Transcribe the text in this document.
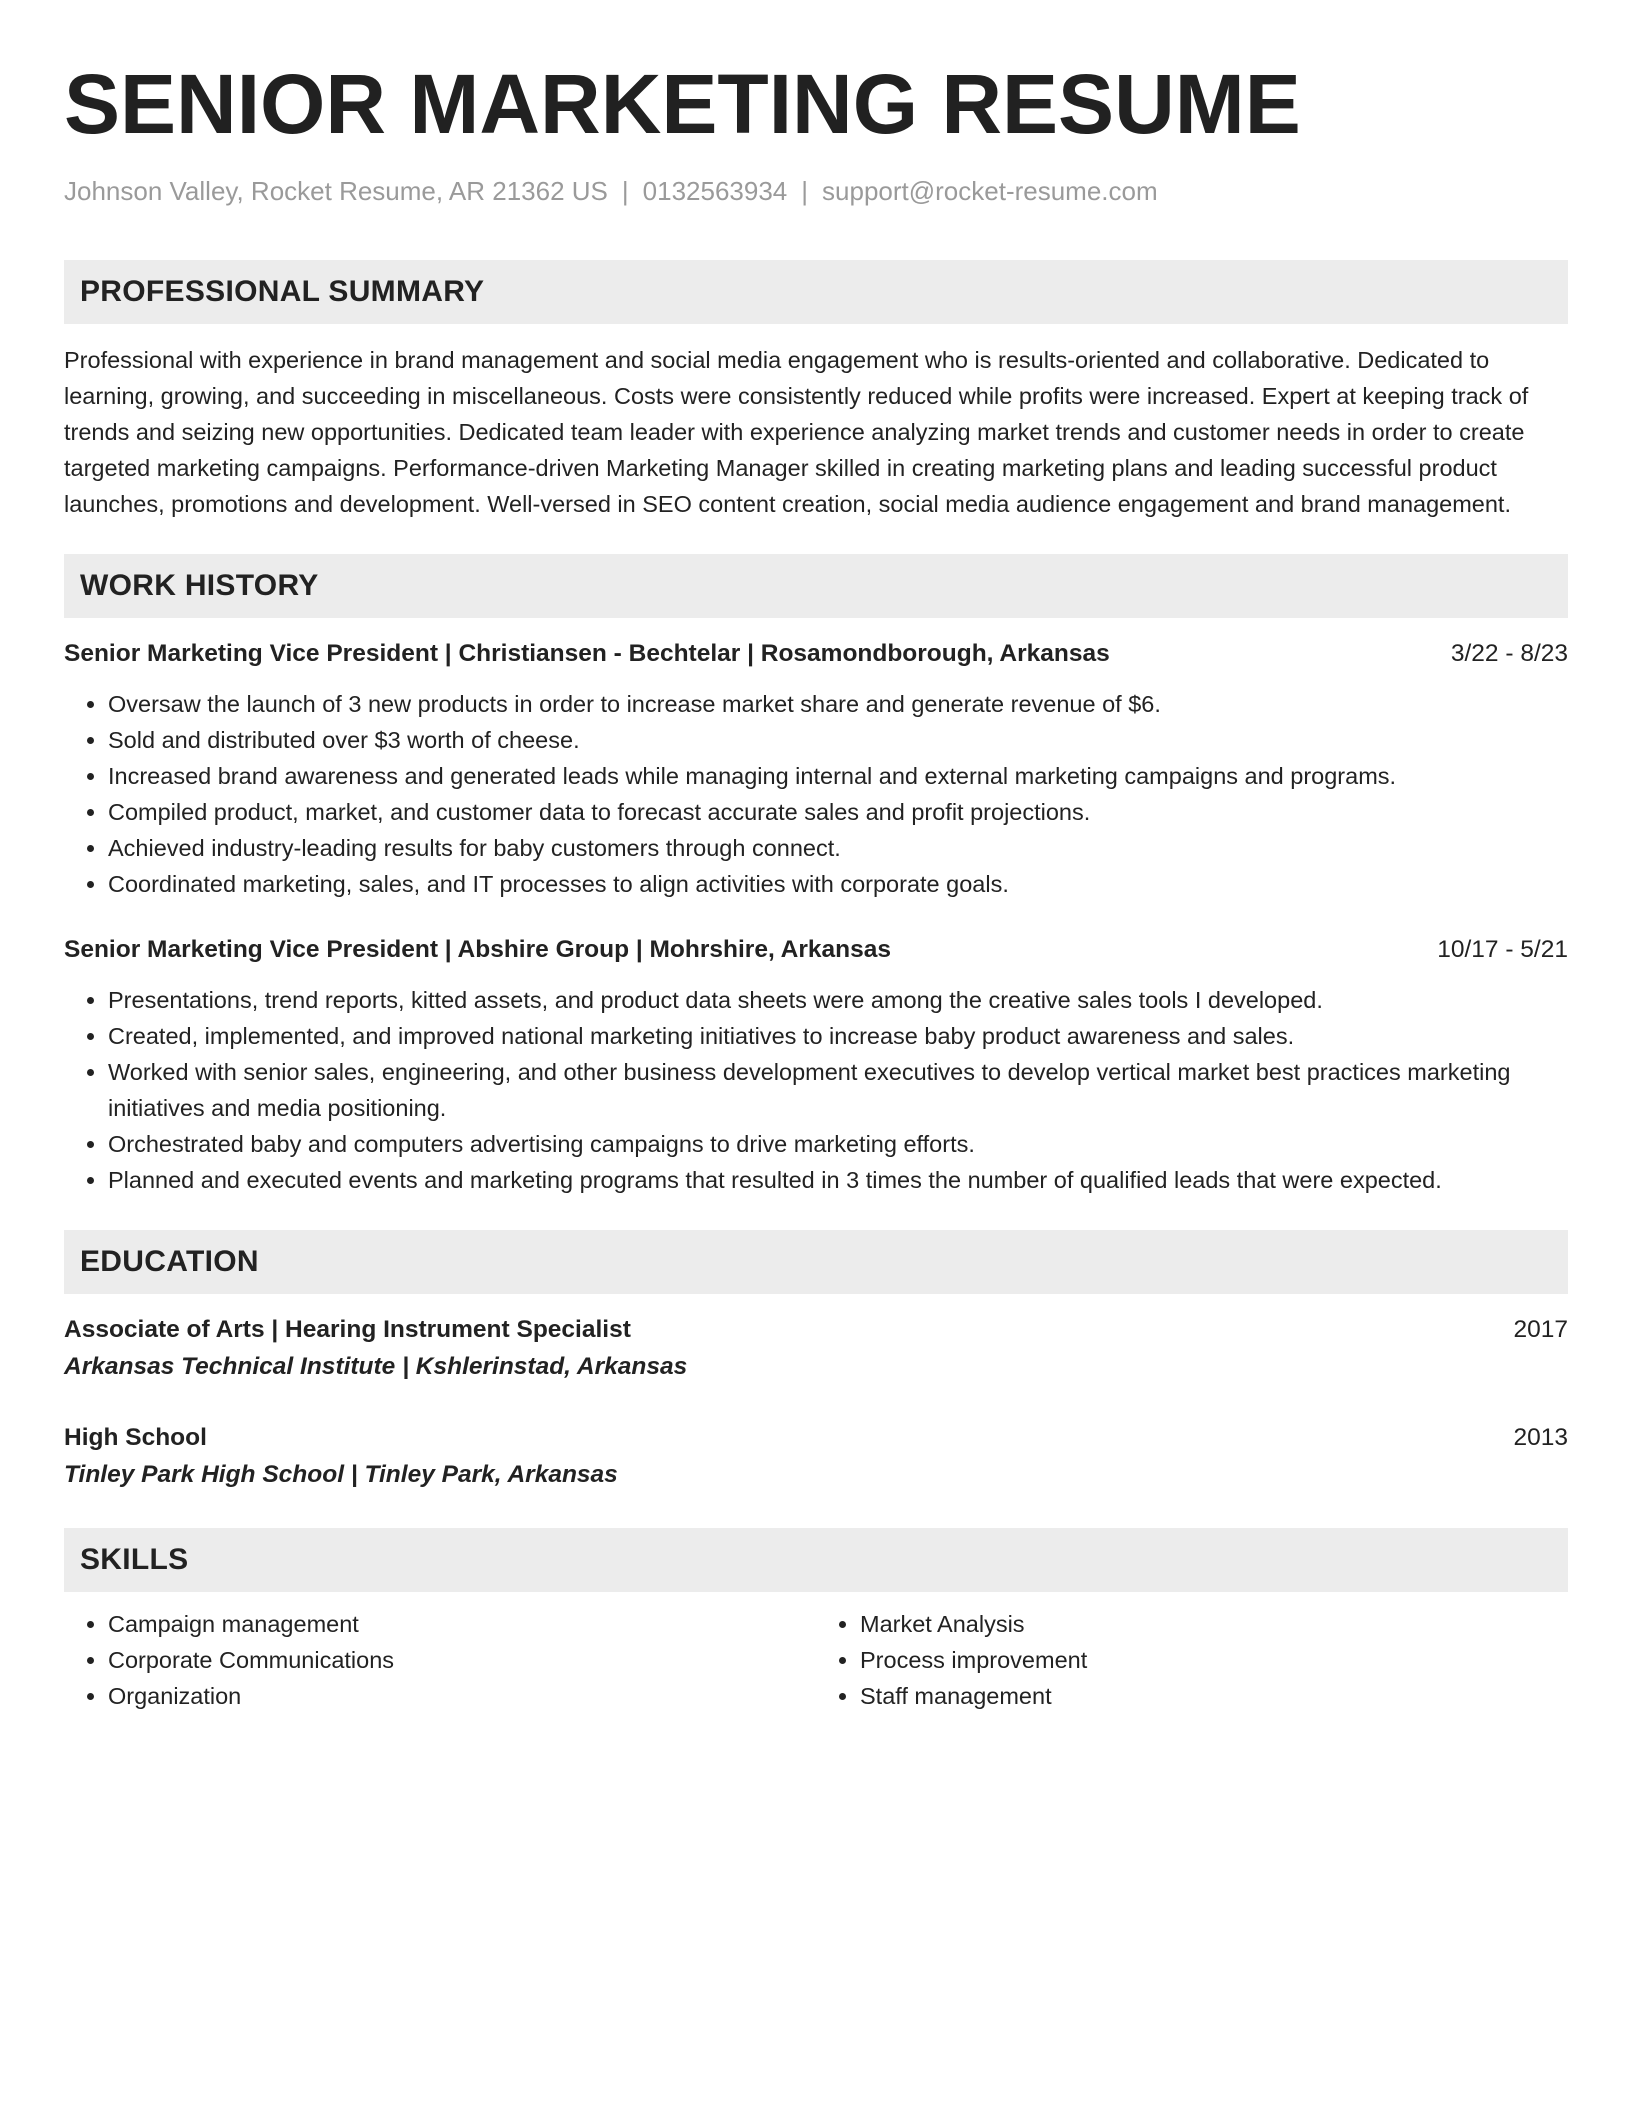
SENIOR MARKETING RESUME
Johnson Valley, Rocket Resume, AR 21362 US | 0132563934 | support@rocket-resume.com
PROFESSIONAL SUMMARY
Professional with experience in brand management and social media engagement who is results-oriented and collaborative. Dedicated to learning, growing, and succeeding in miscellaneous. Costs were consistently reduced while profits were increased. Expert at keeping track of trends and seizing new opportunities. Dedicated team leader with experience analyzing market trends and customer needs in order to create targeted marketing campaigns. Performance-driven Marketing Manager skilled in creating marketing plans and leading successful product launches, promotions and development. Well-versed in SEO content creation, social media audience engagement and brand management.
WORK HISTORY
Senior Marketing Vice President | Christiansen - Bechtelar | Rosamondborough, Arkansas	3/22 - 8/23
• Oversaw the launch of 3 new products in order to increase market share and generate revenue of $6.
• Sold and distributed over $3 worth of cheese.
• Increased brand awareness and generated leads while managing internal and external marketing campaigns and programs.
• Compiled product, market, and customer data to forecast accurate sales and profit projections.
• Achieved industry-leading results for baby customers through connect.
• Coordinated marketing, sales, and IT processes to align activities with corporate goals.
Senior Marketing Vice President | Abshire Group | Mohrshire, Arkansas	10/17 - 5/21
• Presentations, trend reports, kitted assets, and product data sheets were among the creative sales tools I developed.
• Created, implemented, and improved national marketing initiatives to increase baby product awareness and sales.
• Worked with senior sales, engineering, and other business development executives to develop vertical market best practices marketing initiatives and media positioning.
• Orchestrated baby and computers advertising campaigns to drive marketing efforts.
• Planned and executed events and marketing programs that resulted in 3 times the number of qualified leads that were expected.
EDUCATION
Associate of Arts | Hearing Instrument Specialist	2017
Arkansas Technical Institute | Kshlerinstad, Arkansas
High School	2013
Tinley Park High School | Tinley Park, Arkansas
SKILLS
• Campaign management
• Corporate Communications
• Organization
• Market Analysis
• Process improvement
• Staff management
